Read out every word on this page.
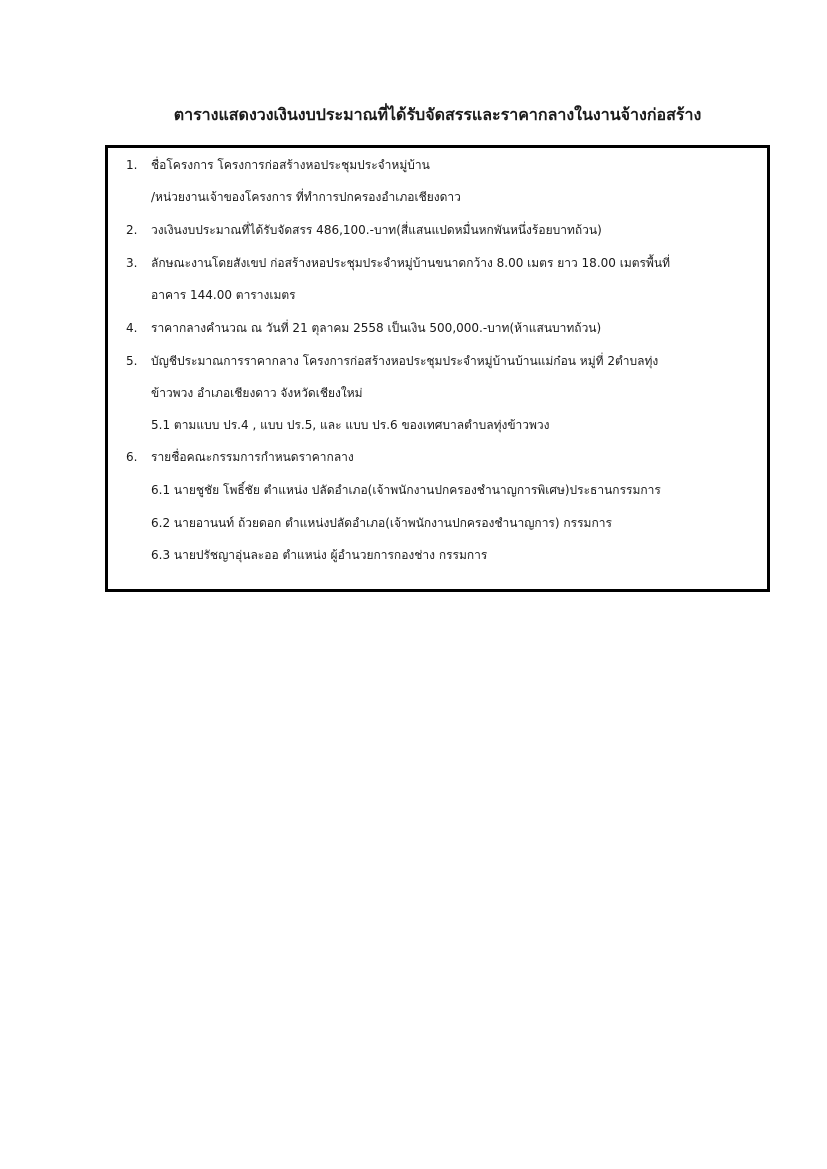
ตารางแสดงวงเงินงบประมาณที่ได้รับจัดสรรและราคากลางในงานจ้างก่อสร้าง
1. ชื่อโครงการ โครงการก่อสร้างหอประชุมประจำหมู่บ้าน
/หน่วยงานเจ้าของโครงการ ที่ทำการปกครองอำเภอเชียงดาว
2. วงเงินงบประมาณที่ได้รับจัดสรร 486,100.-บาท(สี่แสนแปดหมื่นหกพันหนึ่งร้อยบาทถ้วน)
3. ลักษณะงานโดยสังเขป ก่อสร้างหอประชุมประจำหมู่บ้านขนาดกว้าง 8.00 เมตร ยาว 18.00 เมตรพื้นที่
อาคาร 144.00 ตารางเมตร
4. ราคากลางคำนวณ ณ วันที่ 21 ตุลาคม 2558 เป็นเงิน 500,000.-บาท(ห้าแสนบาทถ้วน)
5. บัญชีประมาณการราคากลาง โครงการก่อสร้างหอประชุมประจำหมู่บ้านบ้านแม่ก๋อน หมู่ที่ 2ตำบลทุ่ง
ข้าวพวง อำเภอเชียงดาว จังหวัดเชียงใหม่
5.1 ตามแบบ ปร.4 , แบบ ปร.5, และ แบบ ปร.6 ของเทศบาลตำบลทุ่งข้าวพวง
6. รายชื่อคณะกรรมการกำหนดราคากลาง
6.1 นายชูชัย โพธิ์ชัย ตำแหน่ง ปลัดอำเภอ(เจ้าพนักงานปกครองชำนาญการพิเศษ)ประธานกรรมการ
6.2 นายอานนท์ ถ้วยดอก ตำแหน่งปลัดอำเภอ(เจ้าพนักงานปกครองชำนาญการ) กรรมการ
6.3 นายปรัชญาอุ่นละออ ตำแหน่ง ผู้อำนวยการกองช่าง กรรมการ
